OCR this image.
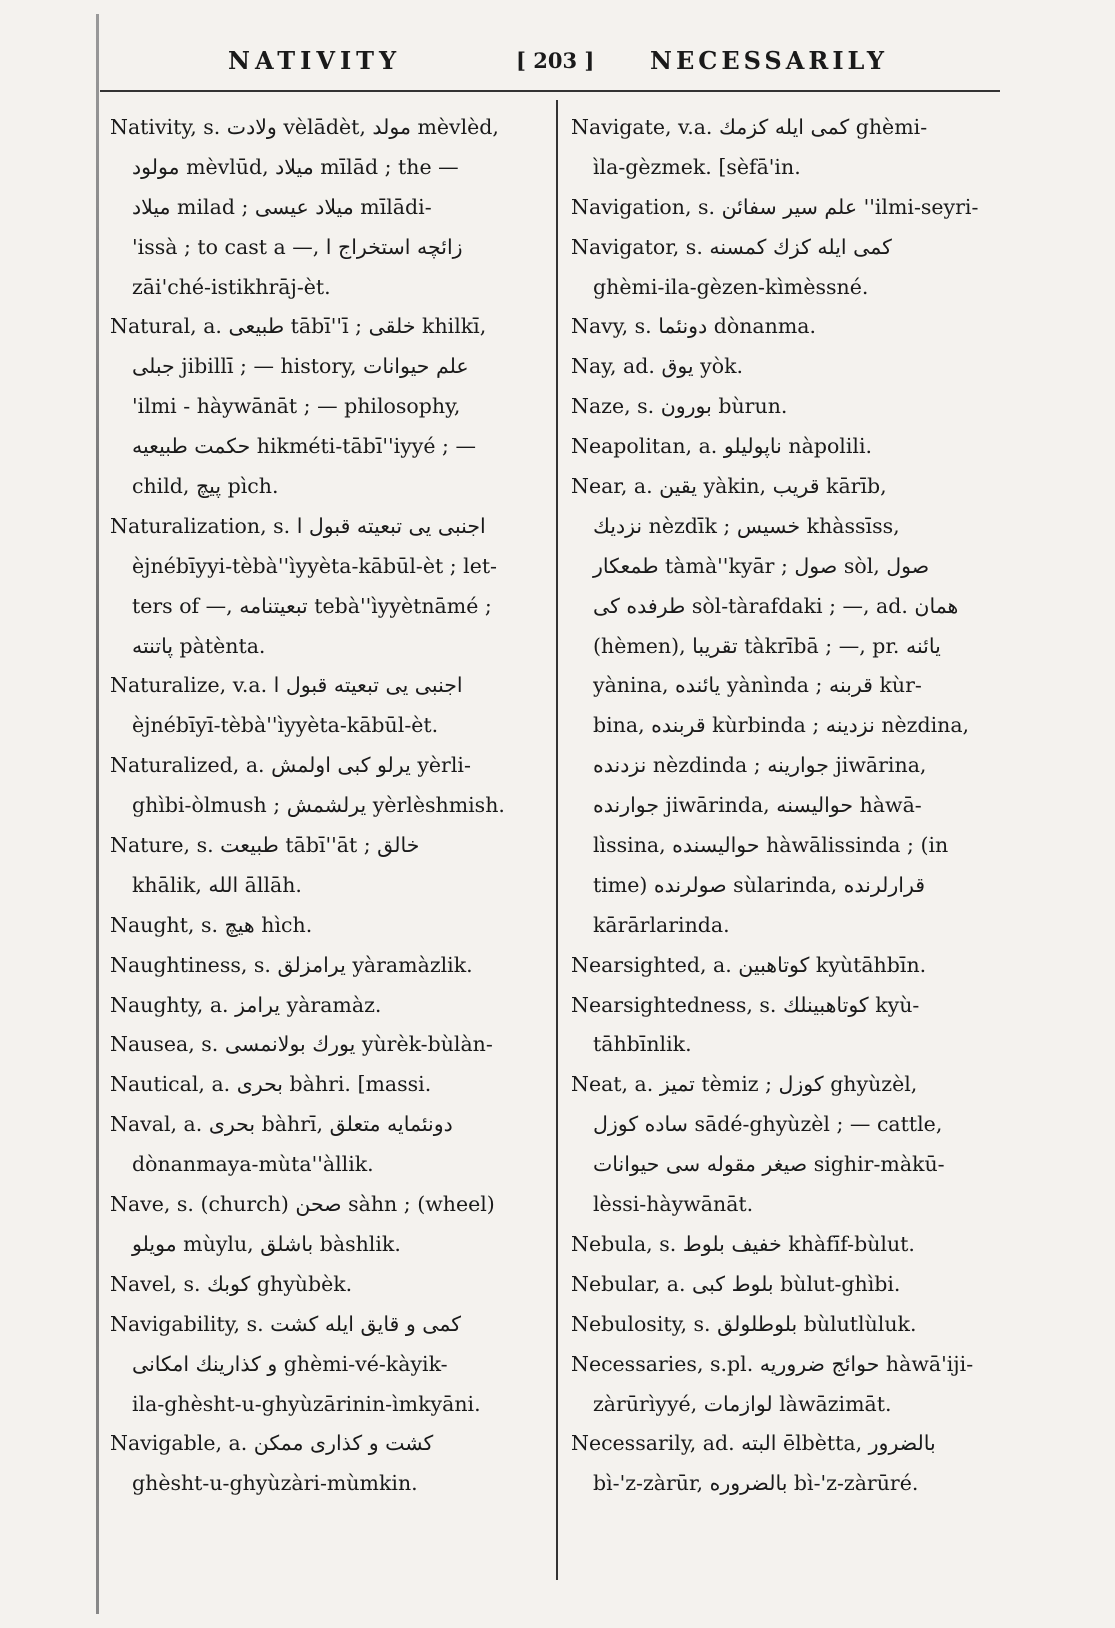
NATIVITY	[ 203 ] NECESSARILY
Nativity, s. ولادت vèlādèt, مولد mèvlèd,
مولود mèvlūd, ميلاد mīlād ; the —
ميلاد milad ; ميلاد عيسى mīlādi-
'issà ; to cast a —, زائچه استخراج ا
zāi'ché-istikhrāj-èt.
Natural, a. طبيعى tābī''ī ; خلقى khilkī,
جبلى jibillī ; — history, علم حيوانات
'ilmi - hàywānāt ; — philosophy,
حكمت طبيعيه hikméti-tābī''iyyé ; —
child, پيچ pìch.
Naturalization, s. اجنبى يى تبعيته قبول ا
èjnébīyyi-tèbà''ìyyèta-kābūl-èt ; let-
ters of —, تبعيتنامه tebà''ìyyètnāmé ;
پاتنته pàtènta.
Naturalize, v.a. اجنبى يى تبعيته قبول ا
èjnébīyī-tèbà''ìyyèta-kābūl-èt.
Naturalized, a. يرلو كبى اولمش yèrli-
ghìbi-òlmush ; يرلشمش yèrlèshmish.
Nature, s. طبيعت tābī''āt ; خالق
khālik, الله āllāh.
Naught, s. هيچ hìch.
Naughtiness, s. يرامزلق yàramàzlik.
Naughty, a. يرامز yàramàz.
Nausea, s. يورك بولانمسى yùrèk-bùlàn-
Nautical, a. بحرى bàhri. [massi.
Naval, a. بحرى bàhrī, دونئمايه متعلق
dònanmaya-mùta''àllik.
Nave, s. (church) صحن sàhn ; (wheel)
مويلو mùylu, باشلق bàshlik.
Navel, s. كوبك ghyùbèk.
Navigability, s. كمى و قايق ايله كشت
و كذارينك امكانى ghèmi-vé-kàyik-
ila-ghèsht-u-ghyùzārinin-ìmkyāni.
Navigable, a. كشت و كذارى ممكن
ghèsht-u-ghyùzàri-mùmkin.
Navigate, v.a. كمى ايله كزمك ghèmi-
ìla-gèzmek. [sèfā'in.
Navigation, s. علم سير سفائن ''ilmi-seyri-
Navigator, s. كمى ايله كزك كمسنه
ghèmi-ila-gèzen-kìmèssné.
Navy, s. دونئما dònanma.
Nay, ad. يوق yòk.
Naze, s. بورون bùrun.
Neapolitan, a. ناپوليلو nàpolili.
Near, a. يقين yàkin, قريب kārīb,
نزديك nèzdīk ; خسيس khàssīss,
طمعكار tàmà''kyār ; صول sòl, صول
طرفده كى sòl-tàrafdaki ; —, ad. همان
(hèmen), تقريبا tàkrībā ; —, pr. يائنه
yànina, يائنده yànìnda ; قربنه kùr-
bina, قربنده kùrbinda ; نزدينه nèzdina,
نزدنده nèzdinda ; جوارينه jiwārina,
جوارنده jiwārinda, حواليسنه hàwā-
lìssina, حواليسنده hàwālissinda ; (in
time) صولرنده sùlarinda, قرارلرنده
kārārlarinda.
Nearsighted, a. كوتاهبين kyùtāhbīn.
Nearsightedness, s. كوتاهبينلك kyù-
tāhbīnlik.
Neat, a. تميز tèmiz ; كوزل ghyùzèl,
ساده كوزل sādé-ghyùzèl ; — cattle,
صيغر مقوله سى حيوانات sighir-màkū-
lèssi-hàywānāt.
Nebula, s. خفيف بلوط khàfīf-bùlut.
Nebular, a. بلوط كبى bùlut-ghìbi.
Nebulosity, s. بلوطلولق bùlutlùluk.
Necessaries, s.pl. حوائج ضروريه hàwā'iji-
zàrūrìyyé, لوازمات làwāzimāt.
Necessarily, ad. البته ēlbètta, بالضرور
bì-'z-zàrūr, بالضروره bì-'z-zàrūré.
